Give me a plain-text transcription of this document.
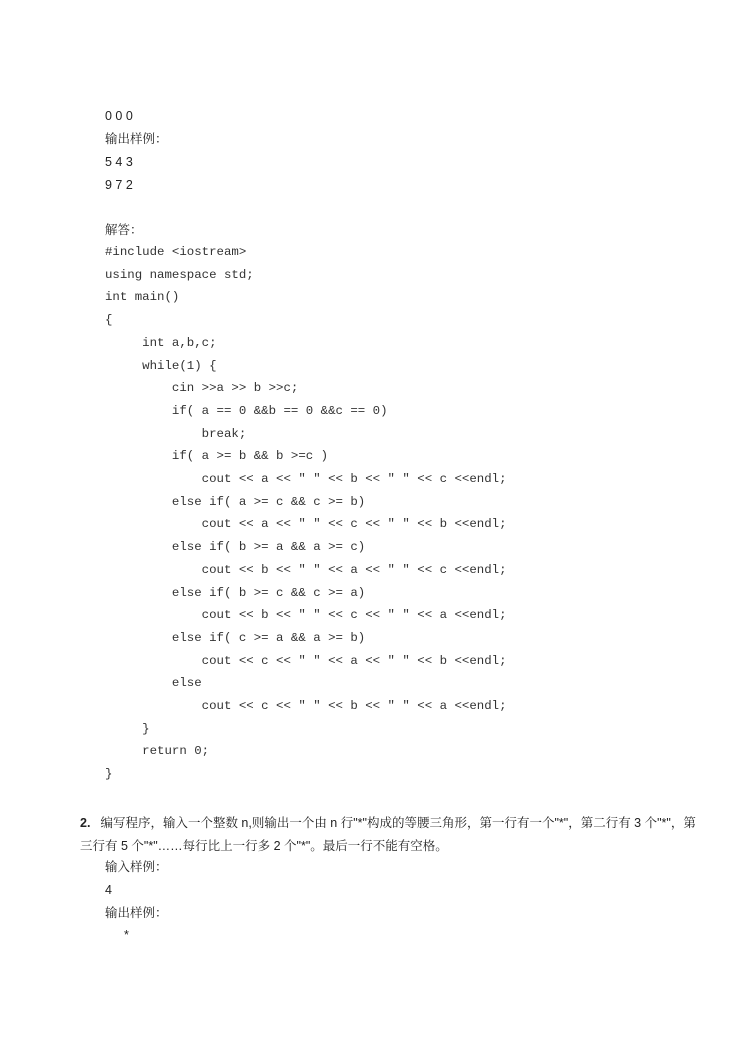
0 0 0
输出样例：
5 4 3
9 7 2
解答：
#include <iostream>
using namespace std;
int main()
{
int a,b,c;
while(1) {
cin >>a >> b >>c;
if( a == 0 &&b == 0 &&c == 0)
break;
if( a >= b && b >=c )
cout << a << " " << b << " " << c <<endl;
else if( a >= c && c >= b)
cout << a << " " << c << " " << b <<endl;
else if( b >= a && a >= c)
cout << b << " " << a << " " << c <<endl;
else if( b >= c && c >= a)
cout << b << " " << c << " " << a <<endl;
else if( c >= a && a >= b)
cout << c << " " << a << " " << b <<endl;
else
cout << c << " " << b << " " << a <<endl;
}
return 0;
}
2. 编写程序，输入一个整数 n,则输出一个由 n 行"*"构成的等腰三角形，第一行有一个"*"，第二行有 3 个"*"，第三行有 5 个"*"……每行比上一行多 2 个"*"。最后一行不能有空格。
输入样例：
4
输出样例：
*
